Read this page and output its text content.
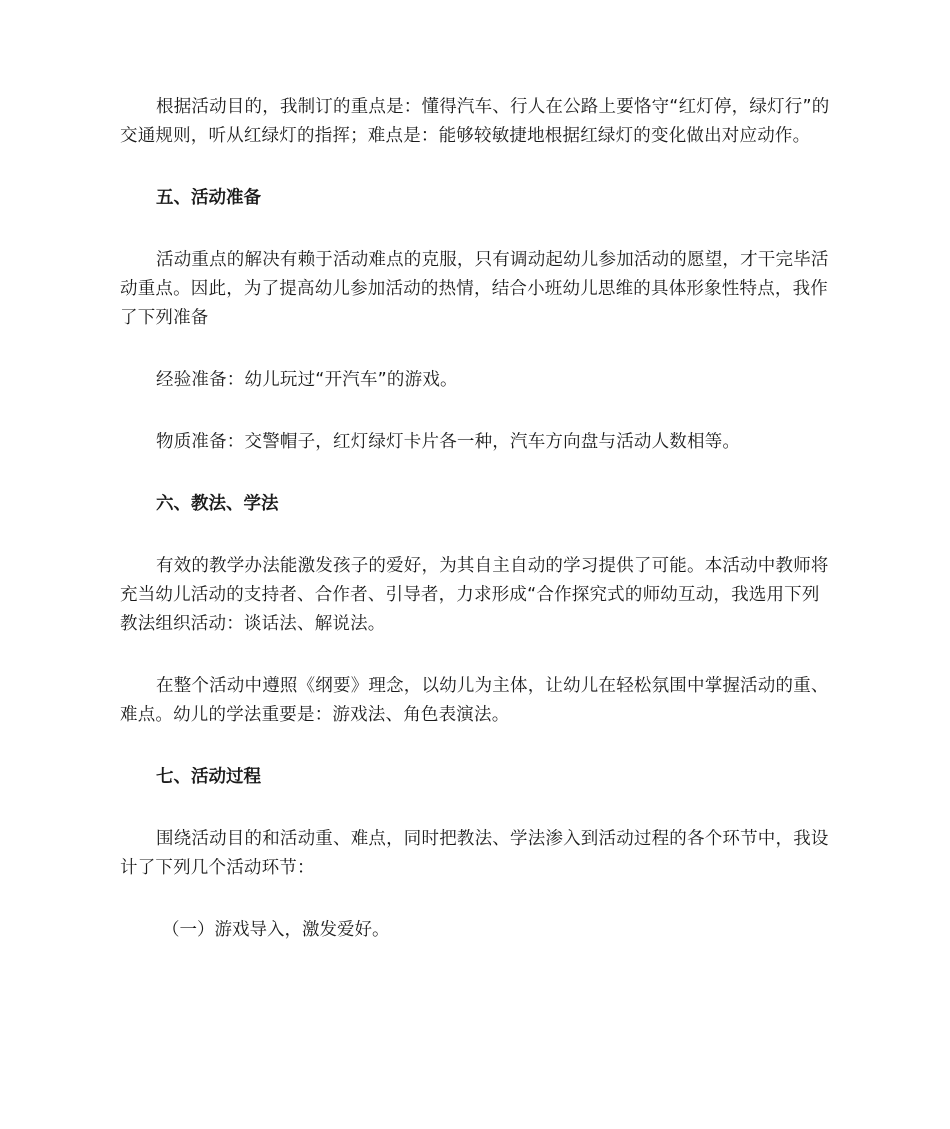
根据活动目的，我制订的重点是：懂得汽车、行人在公路上要恪守“红灯停，绿灯行”的交通规则，听从红绿灯的指挥；难点是：能够较敏捷地根据红绿灯的变化做出对应动作。

五、活动准备

活动重点的解决有赖于活动难点的克服，只有调动起幼儿参加活动的愿望，才干完毕活动重点。因此，为了提高幼儿参加活动的热情，结合小班幼儿思维的具体形象性特点，我作了下列准备

经验准备：幼儿玩过“开汽车”的游戏。

物质准备：交警帽子，红灯绿灯卡片各一种，汽车方向盘与活动人数相等。

六、教法、学法

有效的教学办法能激发孩子的爱好，为其自主自动的学习提供了可能。本活动中教师将充当幼儿活动的支持者、合作者、引导者，力求形成“合作探究式的师幼互动，我选用下列教法组织活动：谈话法、解说法。

在整个活动中遵照《纲要》理念，以幼儿为主体，让幼儿在轻松氛围中掌握活动的重、难点。幼儿的学法重要是：游戏法、角色表演法。

七、活动过程

围绕活动目的和活动重、难点，同时把教法、学法渗入到活动过程的各个环节中，我设计了下列几个活动环节：

（一）游戏导入，激发爱好。
